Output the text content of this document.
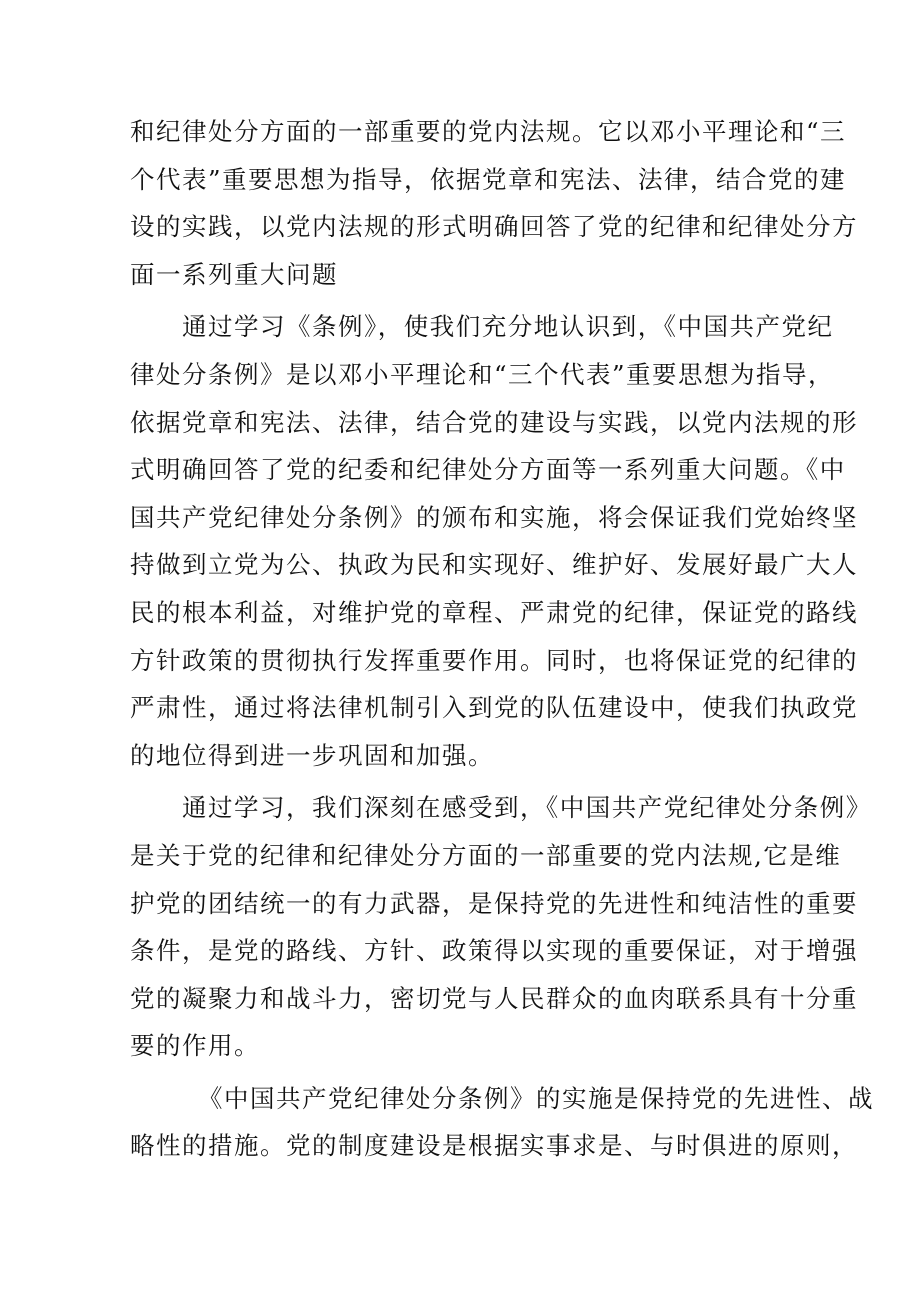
和纪律处分方面的一部重要的党内法规。它以邓小平理论和“三
个代表”重要思想为指导，依据党章和宪法、法律，结合党的建
设的实践，以党内法规的形式明确回答了党的纪律和纪律处分方
面一系列重大问题
通过学习《条例》，使我们充分地认识到，《中国共产党纪
律处分条例》是以邓小平理论和“三个代表”重要思想为指导，
依据党章和宪法、法律，结合党的建设与实践，以党内法规的形
式明确回答了党的纪委和纪律处分方面等一系列重大问题。《中
国共产党纪律处分条例》的颁布和实施，将会保证我们党始终坚
持做到立党为公、执政为民和实现好、维护好、发展好最广大人
民的根本利益，对维护党的章程、严肃党的纪律，保证党的路线
方针政策的贯彻执行发挥重要作用。同时，也将保证党的纪律的
严肃性，通过将法律机制引入到党的队伍建设中，使我们执政党
的地位得到进一步巩固和加强。
通过学习，我们深刻在感受到，《中国共产党纪律处分条例》
是关于党的纪律和纪律处分方面的一部重要的党内法规,它是维
护党的团结统一的有力武器，是保持党的先进性和纯洁性的重要
条件，是党的路线、方针、政策得以实现的重要保证，对于增强
党的凝聚力和战斗力，密切党与人民群众的血肉联系具有十分重
要的作用。
《中国共产党纪律处分条例》的实施是保持党的先进性、战
略性的措施。党的制度建设是根据实事求是、与时俱进的原则，
